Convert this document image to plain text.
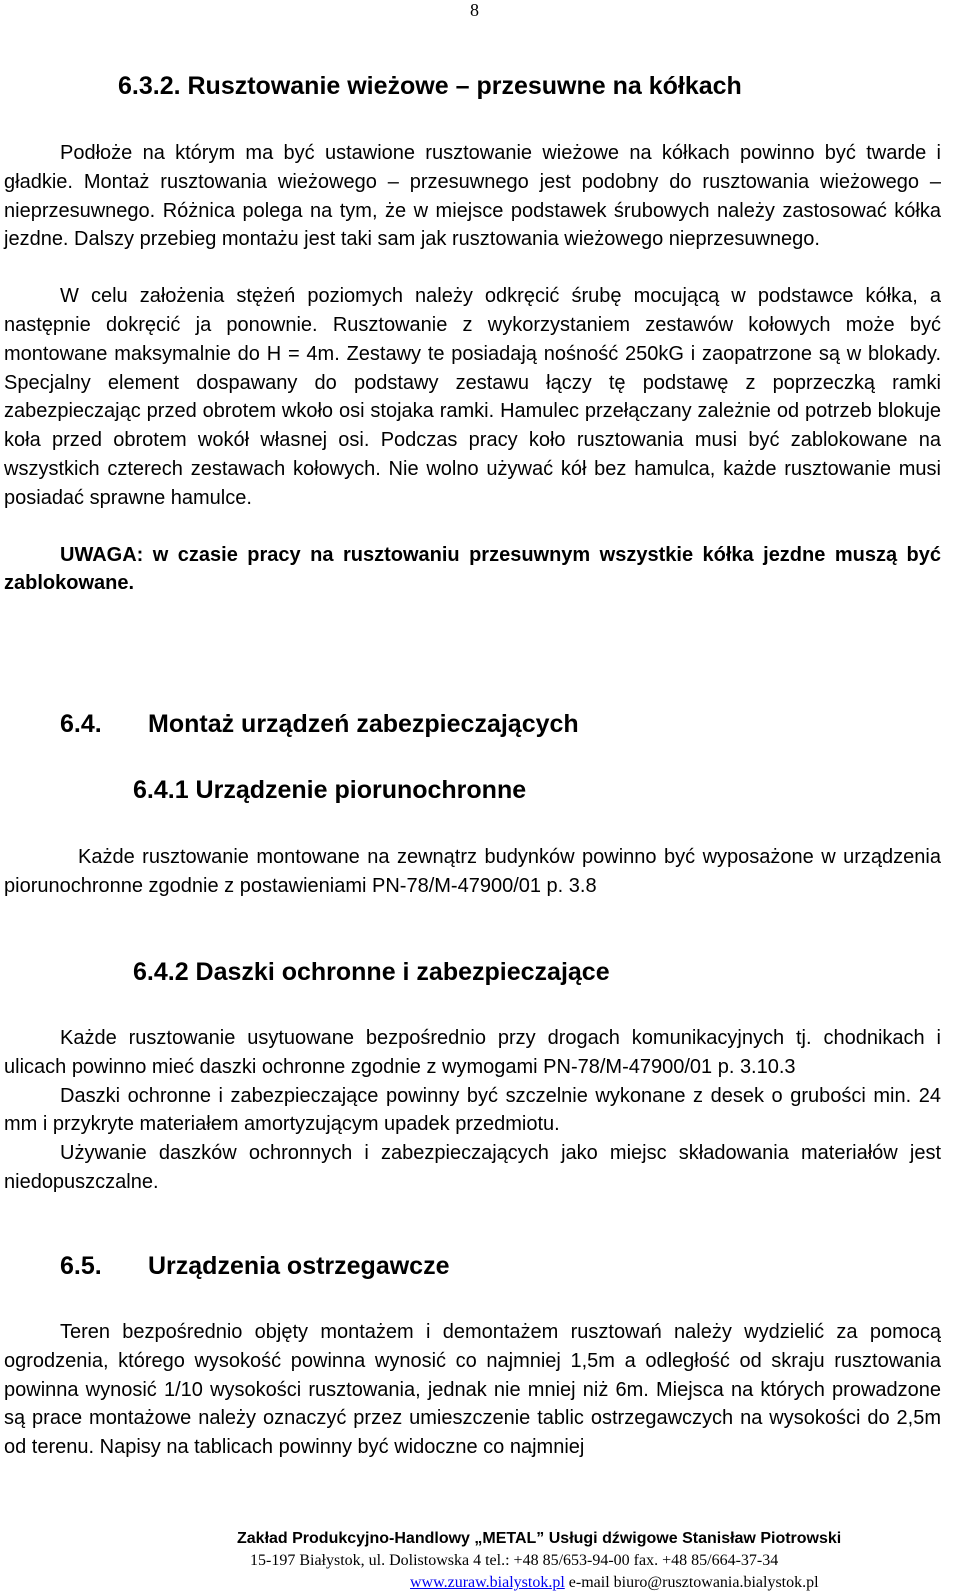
8
6.3.2. Rusztowanie wieżowe – przesuwne na kółkach

Podłoże na którym ma być ustawione rusztowanie wieżowe na kółkach powinno być twarde i gładkie. Montaż rusztowania wieżowego – przesuwnego jest podobny do rusztowania wieżowego – nieprzesuwnego. Różnica polega na tym, że w miejsce podstawek śrubowych należy zastosować kółka jezdne. Dalszy przebieg montażu jest taki sam jak rusztowania wieżowego nieprzesuwnego.

W celu założenia stężeń poziomych należy odkręcić śrubę mocującą w podstawce kółka, a następnie dokręcić ja ponownie. Rusztowanie z wykorzystaniem zestawów kołowych może być montowane maksymalnie do H = 4m. Zestawy te posiadają nośność 250kG i zaopatrzone są w blokady. Specjalny element dospawany do podstawy zestawu łączy tę podstawę z poprzeczką ramki zabezpieczając przed obrotem wkoło osi stojaka ramki. Hamulec przełączany zależnie od potrzeb blokuje koła przed obrotem wokół własnej osi. Podczas pracy koło rusztowania musi być zablokowane na wszystkich czterech zestawach kołowych. Nie wolno używać kół bez hamulca, każde rusztowanie musi posiadać sprawne hamulce.

UWAGA: w czasie pracy na rusztowaniu przesuwnym wszystkie kółka jezdne muszą być zablokowane.

6.4. Montaż urządzeń zabezpieczających
6.4.1 Urządzenie piorunochronne

Każde rusztowanie montowane na zewnątrz budynków powinno być wyposażone w urządzenia piorunochronne zgodnie z postawieniami PN-78/M-47900/01 p. 3.8

6.4.2 Daszki ochronne i zabezpieczające

Każde rusztowanie usytuowane bezpośrednio przy drogach komunikacyjnych tj. chodnikach i ulicach powinno mieć daszki ochronne zgodnie z wymogami PN-78/M-47900/01 p. 3.10.3

Daszki ochronne i zabezpieczające powinny być szczelnie wykonane z desek o grubości min. 24 mm i przykryte materiałem amortyzującym upadek przedmiotu.

Używanie daszków ochronnych i zabezpieczających jako miejsc składowania materiałów jest niedopuszczalne.

6.5. Urządzenia ostrzegawcze

Teren bezpośrednio objęty montażem i demontażem rusztowań należy wydzielić za pomocą ogrodzenia, którego wysokość powinna wynosić co najmniej 1,5m a odległość od skraju rusztowania powinna wynosić 1/10 wysokości rusztowania, jednak nie mniej niż 6m. Miejsca na których prowadzone są prace montażowe należy oznaczyć przez umieszczenie tablic ostrzegawczych na wysokości do 2,5m od terenu. Napisy na tablicach powinny być widoczne co najmniej

Zakład Produkcyjno-Handlowy „METAL” Usługi dźwigowe Stanisław Piotrowski
15-197 Białystok, ul. Dolistowska 4 tel.: +48 85/653-94-00 fax. +48 85/664-37-34
www.zuraw.bialystok.pl e-mail biuro@rusztowania.bialystok.pl
